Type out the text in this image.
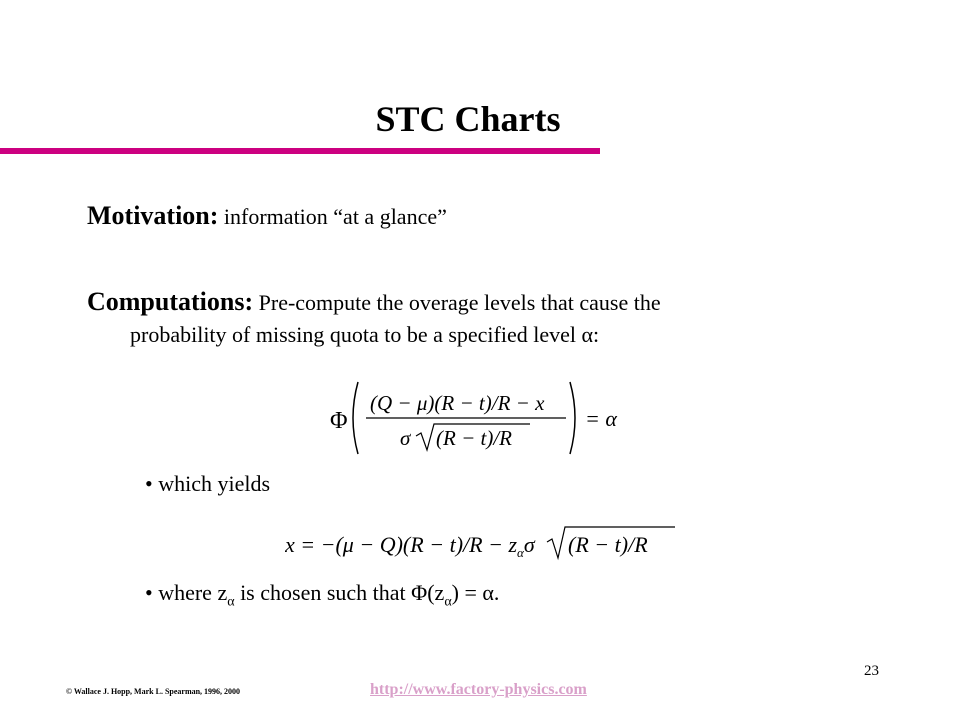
STC Charts
Motivation: information “at a glance”
Computations: Pre-compute the overage levels that cause the
probability of missing quota to be a specified level α:
Φ
(Q − μ)(R − t)/R − x
σ (R − t)/R
= α
• which yields
$x = -(\mu - Q)(R - t)/R - z_\alpha\sigma$ (R − t)/R
• where $z_\alpha$ is chosen such that $\Phi(z_\alpha) = \alpha$.
23
© Wallace J. Hopp, Mark L. Spearman, 1996, 2000	http://www.factory-physics.com
